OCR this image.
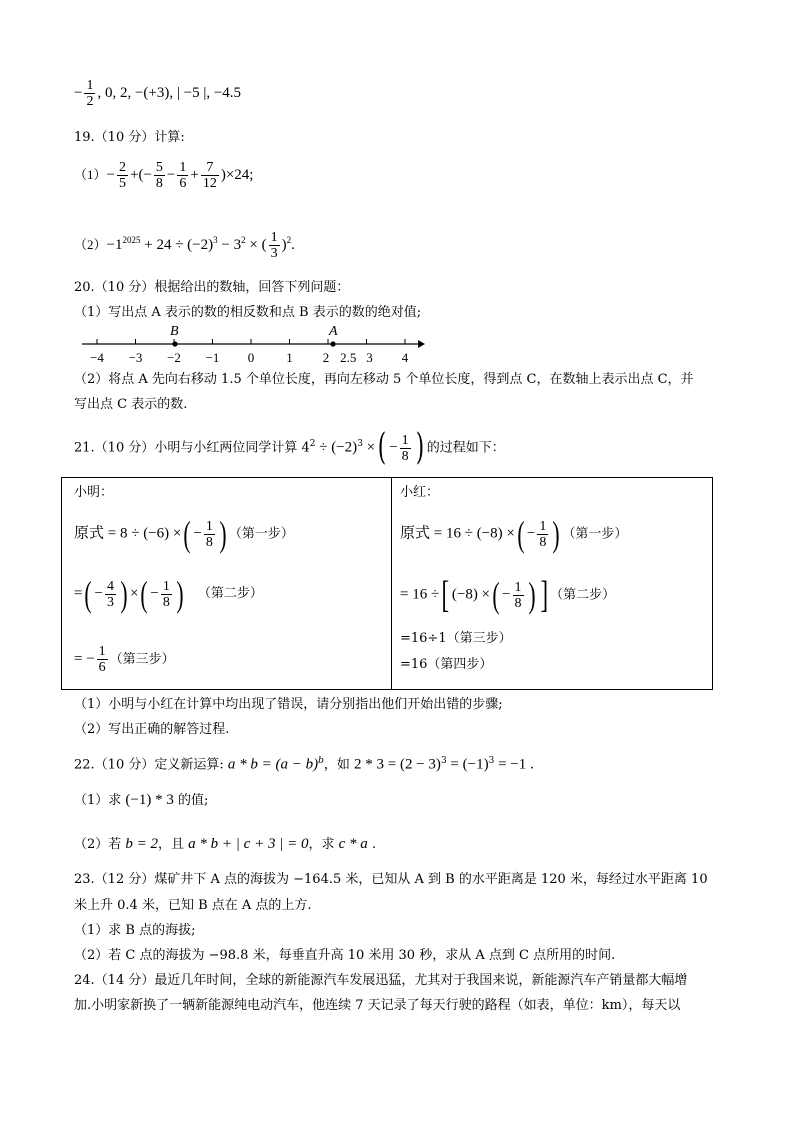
− $\frac{1}{2}$ , 0, 2, −(+3), | −5 |, −4.5
19.（10 分）计算:
$(1)- \frac{2}{5}$ +(− $\frac{5}{8} - \frac{1}{6} + \frac{7}{12} )\times 24$;
$(2)-1^{2025} + 24 \div (-2)^3 - 3^2$ × ( $\frac{1}{3} )^2$.
20.（10 分）根据给出的数轴，回答下列问题：
（1）写出点 A 表示的数的相反数和点 B 表示的数的绝对值;
B	A
−4 −3 −2 −1 0 1 2 2.5 3 4
（2）将点 A 先向右移动 1.5 个单位长度，再向左移动 5 个单位长度，得到点 C，在数轴上表示出点 C，并
写出点 C 表示的数.
21.（10 分）小明与小红两位同学计算 $4^2 \div (-2)^3$ ×( − $\frac{1}{8}$ ) 的过程如下：
小明：
原式 = 8 ÷ (−6) ×( − $\frac{1}{8}$ ) （第一步）
=( − $\frac{4}{3}$ ) ×( − $\frac{1}{8}$ ) （第二步）
= − $\frac{1}{6}$ （第三步）
小红：
原式 = 16 ÷ (−8) ×( − $\frac{1}{8}$ ) （第一步）
= 16 ÷[ (−8) ×( − $\frac{1}{8}$ ) ] （第二步）
=16÷1（第三步）
=16（第四步）
（1）小明与小红在计算中均出现了错误，请分别指出他们开始出错的步骤;
（2）写出正确的解答过程.
22.（10 分）定义新运算: $a * b = (a - b)^b$，如 $2 * 3 = (2 - 3)^3 = (-1)^3 = -1$ .
（1）求 (−1) * 3 的值;
（2）若 b = 2，且 a * b + | c + 3 | = 0，求 c * a .
23.（12 分）煤矿井下 A 点的海拔为 −164.5 米，已知从 A 到 B 的水平距离是 120 米，每经过水平距离 10
米上升 0.4 米，已知 B 点在 A 点的上方.
（1）求 B 点的海拔;
（2）若 C 点的海拔为 −98.8 米，每垂直升高 10 米用 30 秒，求从 A 点到 C 点所用的时间.
24.（14 分）最近几年时间，全球的新能源汽车发展迅猛，尤其对于我国来说，新能源汽车产销量都大幅增
加.小明家新换了一辆新能源纯电动汽车，他连续 7 天记录了每天行驶的路程（如表，单位：km），每天以
